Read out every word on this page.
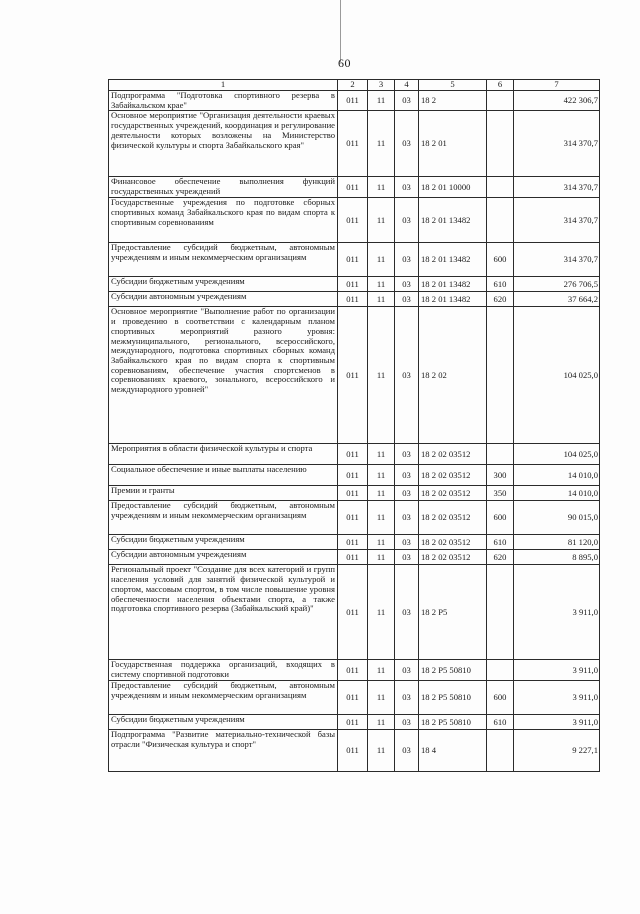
60
1	2	3	4	5	6	7
Подпрограмма "Подготовка спортивного резерва в Забайкальском крае"	011	11	03	18 2		422 306,7
Основное мероприятие "Организация деятельности краевых государственных учреждений, координация и регулирование деятельности которых возложены на Министерство физической культуры и спорта Забайкальского края"	011	11	03	18 2 01		314 370,7
Финансовое обеспечение выполнения функций государственных учреждений	011	11	03	18 2 01 10000		314 370,7
Государственные учреждения по подготовке сборных спортивных команд Забайкальского края по видам спорта к спортивным соревнованиям	011	11	03	18 2 01 13482		314 370,7
Предоставление субсидий бюджетным, автономным учреждениям и иным некоммерческим организациям	011	11	03	18 2 01 13482	600	314 370,7
Субсидии бюджетным учреждениям	011	11	03	18 2 01 13482	610	276 706,5
Субсидии автономным учреждениям	011	11	03	18 2 01 13482	620	37 664,2
Основное мероприятие "Выполнение работ по организации и проведению в соответствии с календарным планом спортивных мероприятий разного уровня: межмуниципального, регионального, всероссийского, международного, подготовка спортивных сборных команд Забайкальского края по видам спорта к спортивным соревнованиям, обеспечение участия спортсменов в соревнованиях краевого, зонального, всероссийского и международного уровней"	011	11	03	18 2 02		104 025,0
Мероприятия в области физической культуры и спорта	011	11	03	18 2 02 03512		104 025,0
Социальное обеспечение и иные выплаты населению	011	11	03	18 2 02 03512	300	14 010,0
Премии и гранты	011	11	03	18 2 02 03512	350	14 010,0
Предоставление субсидий бюджетным, автономным учреждениям и иным некоммерческим организациям	011	11	03	18 2 02 03512	600	90 015,0
Субсидии бюджетным учреждениям	011	11	03	18 2 02 03512	610	81 120,0
Субсидии автономным учреждениям	011	11	03	18 2 02 03512	620	8 895,0
Региональный проект "Создание для всех категорий и групп населения условий для занятий физической культурой и спортом, массовым спортом, в том числе повышение уровня обеспеченности населения объектами спорта, а также подготовка спортивного резерва (Забайкальский край)"	011	11	03	18 2 P5		3 911,0
Государственная поддержка организаций, входящих в систему спортивной подготовки	011	11	03	18 2 P5 50810		3 911,0
Предоставление субсидий бюджетным, автономным учреждениям и иным некоммерческим организациям	011	11	03	18 2 P5 50810	600	3 911,0
Субсидии бюджетным учреждениям	011	11	03	18 2 P5 50810	610	3 911,0
Подпрограмма "Развитие материально-технической базы отрасли "Физическая культура и спорт"	011	11	03	18 4		9 227,1
